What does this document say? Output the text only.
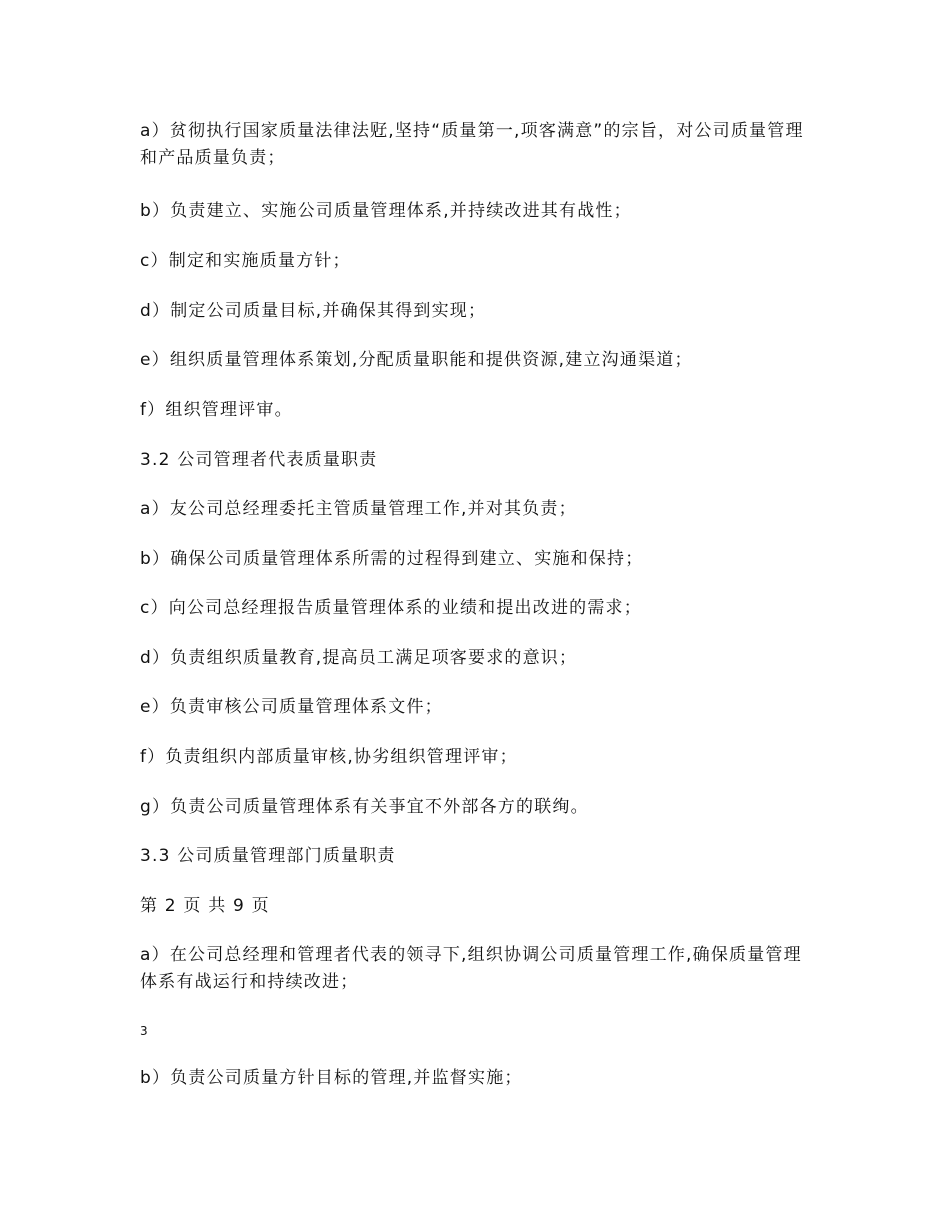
a）贫彻执行国家质量法律法觃,坚持“质量第一,项客满意”的宗旨，对公司质量管理和产品质量负责；

b）负责建立、实施公司质量管理体系,并持续改进其有战性；

c）制定和实施质量方针；

d）制定公司质量目标,并确保其得到实现；

e）组织质量管理体系策划,分配质量职能和提供资源,建立沟通渠道；

f）组织管理评审。

3.2 公司管理者代表质量职责

a）友公司总经理委托主管质量管理工作,并对其负责；

b）确保公司质量管理体系所需的过程得到建立、实施和保持；

c）向公司总经理报告质量管理体系的业绩和提出改进的需求；

d）负责组织质量教育,提高员工满足项客要求的意识；

e）负责审核公司质量管理体系文件；

f）负责组织内部质量审核,协劣组织管理评审；

g）负责公司质量管理体系有关亊宜不外部各方的联绚。

3.3 公司质量管理部门质量职责

第 2 页 共 9 页

a）在公司总经理和管理者代表的领寻下,组织协调公司质量管理工作,确保质量管理体系有战运行和持续改进；

3

b）负责公司质量方针目标的管理,并监督实施；
